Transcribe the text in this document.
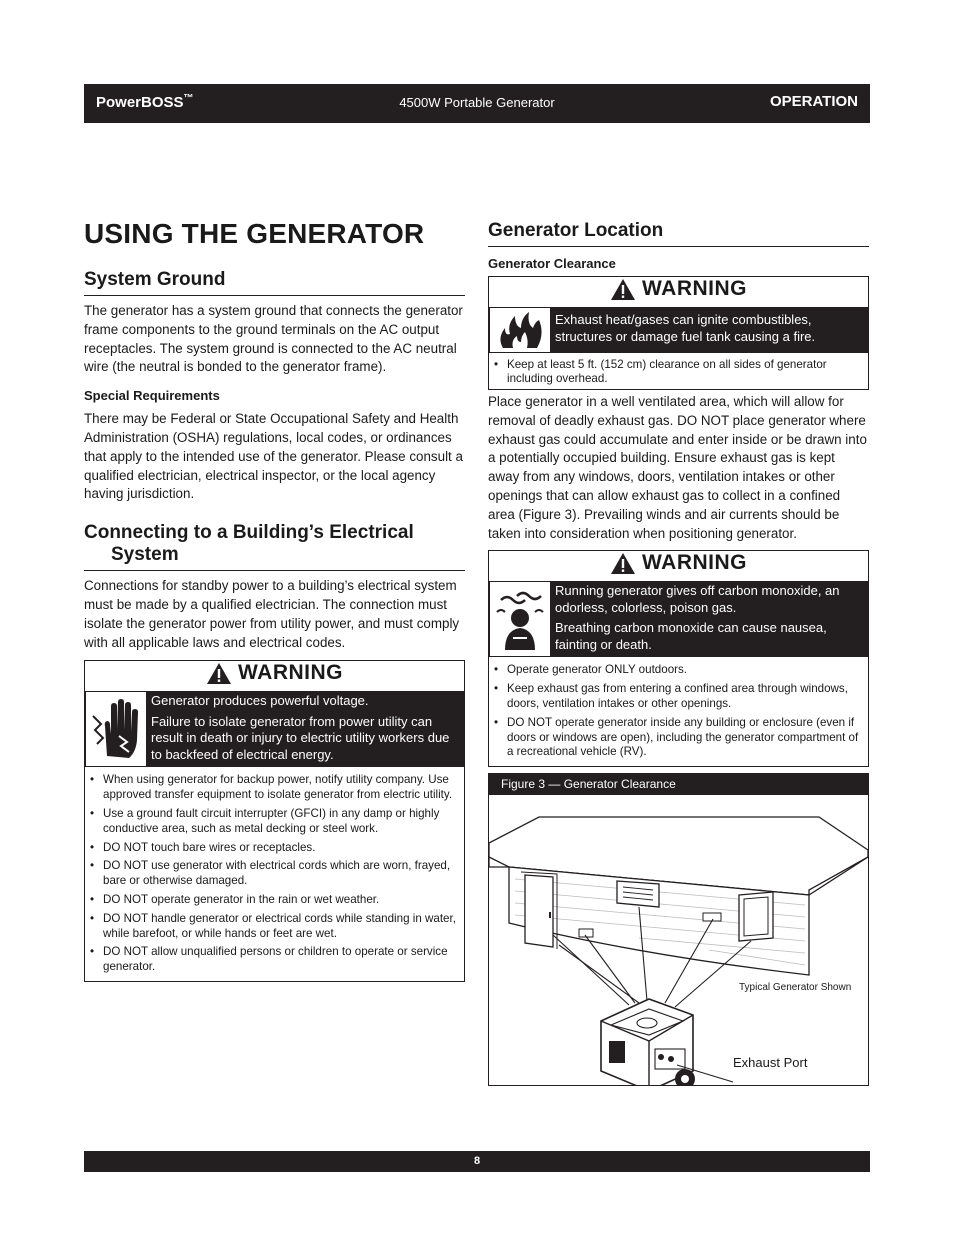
PowerBOSS™	4500W Portable Generator	OPERATION
USING THE GENERATOR
System Ground

The generator has a system ground that connects the generator frame components to the ground terminals on the AC output receptacles. The system ground is connected to the AC neutral wire (the neutral is bonded to the generator frame).

Special Requirements

There may be Federal or State Occupational Safety and Health Administration (OSHA) regulations, local codes, or ordinances that apply to the intended use of the generator. Please consult a qualified electrician, electrical inspector, or the local agency having jurisdiction.

Connecting to a Building’s Electrical System

Connections for standby power to a building’s electrical system must be made by a qualified electrician. The connection must isolate the generator power from utility power, and must comply with all applicable laws and electrical codes.

WARNING
Generator produces powerful voltage.
Failure to isolate generator from power utility can result in death or injury to electric utility workers due to backfeed of electrical energy.
• When using generator for backup power, notify utility company. Use approved transfer equipment to isolate generator from electric utility.
• Use a ground fault circuit interrupter (GFCI) in any damp or highly conductive area, such as metal decking or steel work.
• DO NOT touch bare wires or receptacles.
• DO NOT use generator with electrical cords which are worn, frayed, bare or otherwise damaged.
• DO NOT operate generator in the rain or wet weather.
• DO NOT handle generator or electrical cords while standing in water, while barefoot, or while hands or feet are wet.
• DO NOT allow unqualified persons or children to operate or service generator.
Generator Location
Generator Clearance
WARNING
Exhaust heat/gases can ignite combustibles, structures or damage fuel tank causing a fire.
• Keep at least 5 ft. (152 cm) clearance on all sides of generator including overhead.

Place generator in a well ventilated area, which will allow for removal of deadly exhaust gas. DO NOT place generator where exhaust gas could accumulate and enter inside or be drawn into a potentially occupied building. Ensure exhaust gas is kept away from any windows, doors, ventilation intakes or other openings that can allow exhaust gas to collect in a confined area (Figure 3). Prevailing winds and air currents should be taken into consideration when positioning generator.

WARNING
Running generator gives off carbon monoxide, an odorless, colorless, poison gas.
Breathing carbon monoxide can cause nausea, fainting or death.
• Operate generator ONLY outdoors.
• Keep exhaust gas from entering a confined area through windows, doors, ventilation intakes or other openings.
• DO NOT operate generator inside any building or enclosure (even if doors or windows are open), including the generator compartment of a recreational vehicle (RV).
Figure 3 — Generator Clearance
Typical Generator Shown
Exhaust Port
8
